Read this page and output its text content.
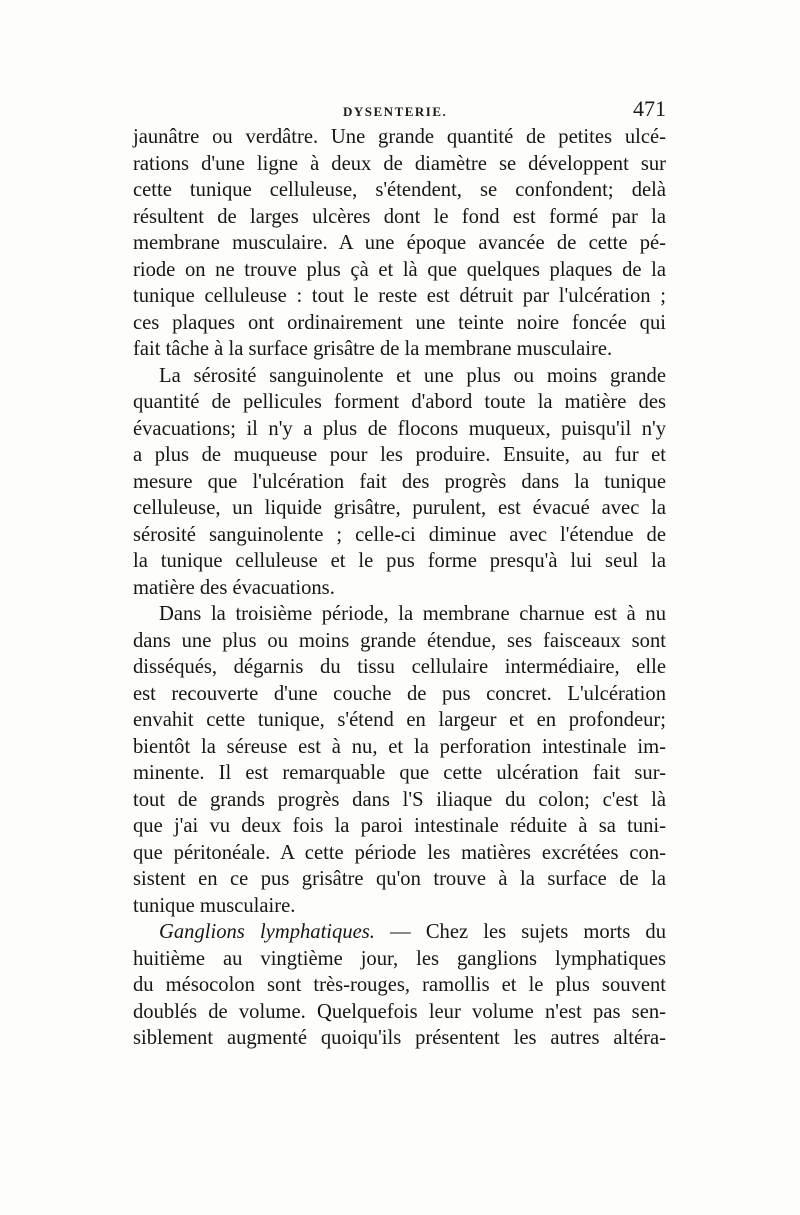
DYSENTERIE.	471
jaunâtre ou verdâtre. Une grande quantité de petites ulcé-
rations d'une ligne à deux de diamètre se développent sur
cette tunique celluleuse, s'étendent, se confondent; delà
résultent de larges ulcères dont le fond est formé par la
membrane musculaire. A une époque avancée de cette pé-
riode on ne trouve plus çà et là que quelques plaques de la
tunique celluleuse : tout le reste est détruit par l'ulcération ;
ces plaques ont ordinairement une teinte noire foncée qui
fait tâche à la surface grisâtre de la membrane musculaire.
La sérosité sanguinolente et une plus ou moins grande
quantité de pellicules forment d'abord toute la matière des
évacuations; il n'y a plus de flocons muqueux, puisqu'il n'y
a plus de muqueuse pour les produire. Ensuite, au fur et
mesure que l'ulcération fait des progrès dans la tunique
celluleuse, un liquide grisâtre, purulent, est évacué avec la
sérosité sanguinolente ; celle-ci diminue avec l'étendue de
la tunique celluleuse et le pus forme presqu'à lui seul la
matière des évacuations.
Dans la troisième période, la membrane charnue est à nu
dans une plus ou moins grande étendue, ses faisceaux sont
disséqués, dégarnis du tissu cellulaire intermédiaire, elle
est recouverte d'une couche de pus concret. L'ulcération
envahit cette tunique, s'étend en largeur et en profondeur;
bientôt la séreuse est à nu, et la perforation intestinale im-
minente. Il est remarquable que cette ulcération fait sur-
tout de grands progrès dans l'S iliaque du colon; c'est là
que j'ai vu deux fois la paroi intestinale réduite à sa tuni-
que péritonéale. A cette période les matières excrétées con-
sistent en ce pus grisâtre qu'on trouve à la surface de la
tunique musculaire.
Ganglions lymphatiques. — Chez les sujets morts du
huitième au vingtième jour, les ganglions lymphatiques
du mésocolon sont très-rouges, ramollis et le plus souvent
doublés de volume. Quelquefois leur volume n'est pas sen-
siblement augmenté quoiqu'ils présentent les autres altéra-
